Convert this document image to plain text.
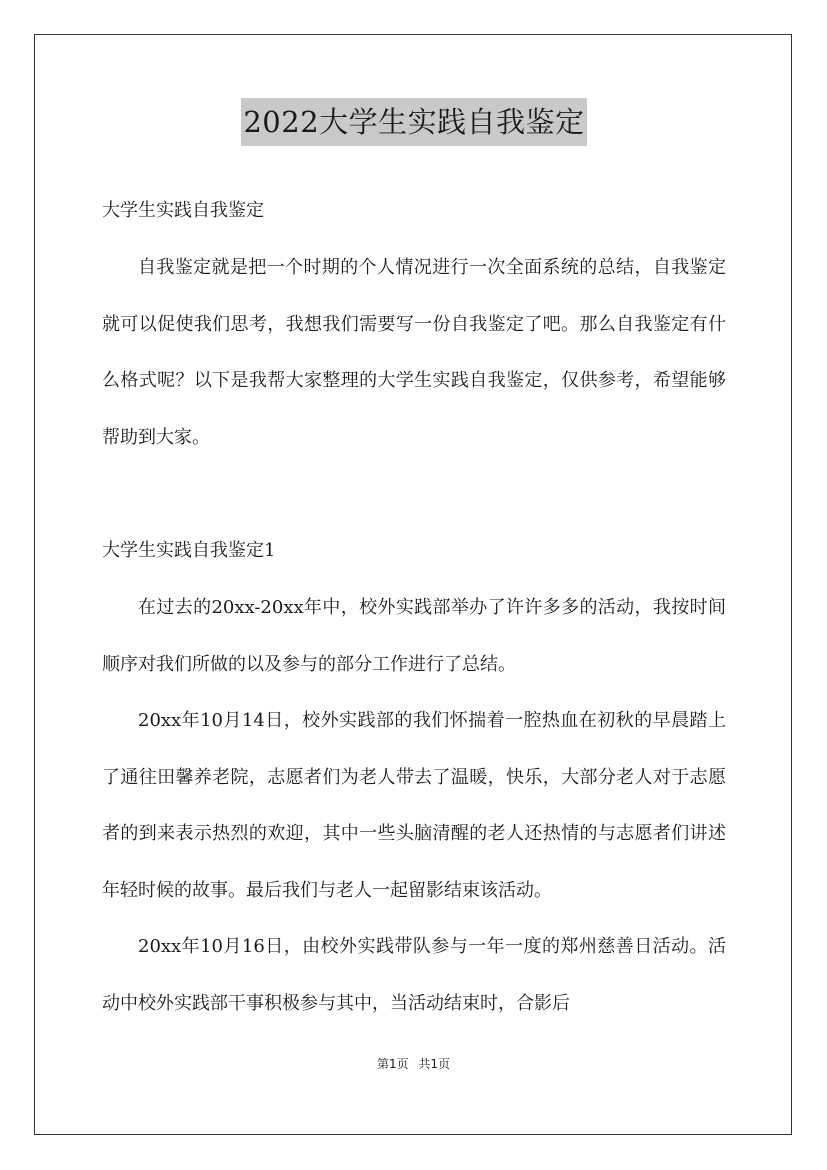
2022大学生实践自我鉴定

大学生实践自我鉴定

自我鉴定就是把一个时期的个人情况进行一次全面系统的总结，自我鉴定就可以促使我们思考，我想我们需要写一份自我鉴定了吧。那么自我鉴定有什么格式呢？以下是我帮大家整理的大学生实践自我鉴定，仅供参考，希望能够帮助到大家。

大学生实践自我鉴定1

在过去的20xx-20xx年中，校外实践部举办了许许多多的活动，我按时间顺序对我们所做的以及参与的部分工作进行了总结。

20xx年10月14日，校外实践部的我们怀揣着一腔热血在初秋的早晨踏上了通往田馨养老院，志愿者们为老人带去了温暖，快乐，大部分老人对于志愿者的到来表示热烈的欢迎，其中一些头脑清醒的老人还热情的与志愿者们讲述年轻时候的故事。最后我们与老人一起留影结束该活动。

20xx年10月16日，由校外实践带队参与一年一度的郑州慈善日活动。活动中校外实践部干事积极参与其中，当活动结束时，合影后

第1页 共1页
